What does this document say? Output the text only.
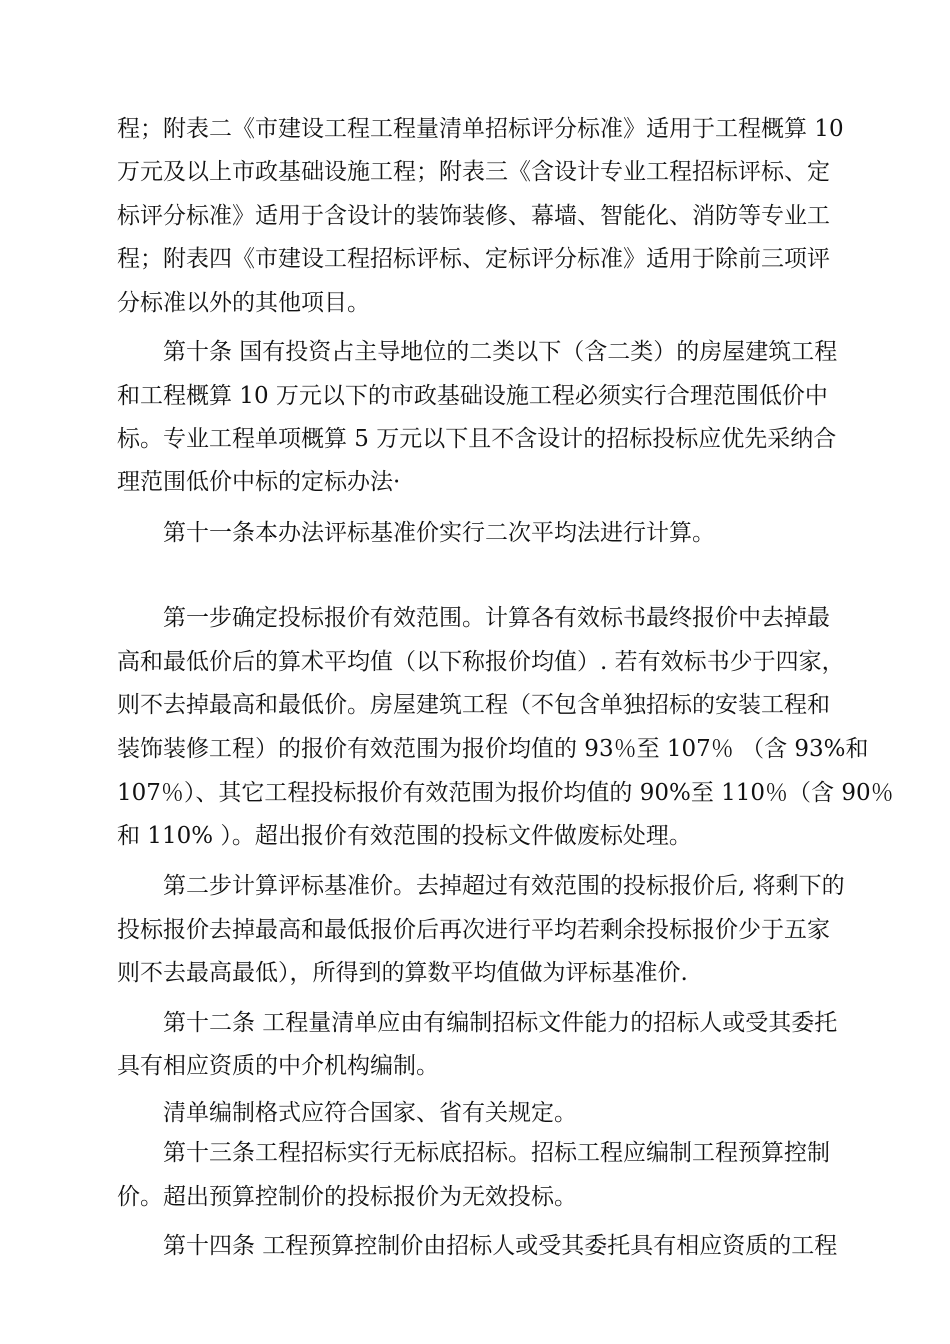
程；附表二《市建设工程工程量清单招标评分标准》适用于工程概算 10
万元及以上市政基础设施工程；附表三《含设计专业工程招标评标、定
标评分标准》适用于含设计的装饰装修、幕墙、智能化、消防等专业工
程；附表四《市建设工程招标评标、定标评分标准》适用于除前三项评
分标准以外的其他项目。
第十条 国有投资占主导地位的二类以下（含二类）的房屋建筑工程
和工程概算 10 万元以下的市政基础设施工程必须实行合理范围低价中
标。专业工程单项概算 5 万元以下且不含设计的招标投标应优先采纳合
理范围低价中标的定标办法·
第十一条本办法评标基准价实行二次平均法进行计算。
第一步确定投标报价有效范围。计算各有效标书最终报价中去掉最
高和最低价后的算术平均值（以下称报价均值）. 若有效标书少于四家，
则不去掉最高和最低价。房屋建筑工程（不包含单独招标的安装工程和
装饰装修工程）的报价有效范围为报价均值的 93％至 107％ （含 93%和
107％）、其它工程投标报价有效范围为报价均值的 90%至 110％（含 90％
和 110% ）。超出报价有效范围的投标文件做废标处理。
第二步计算评标基准价。去掉超过有效范围的投标报价后, 将剩下的
投标报价去掉最高和最低报价后再次进行平均若剩余投标报价少于五家
则不去最高最低），所得到的算数平均值做为评标基准价.
第十二条 工程量清单应由有编制招标文件能力的招标人或受其委托
具有相应资质的中介机构编制。
清单编制格式应符合国家、省有关规定。
第十三条工程招标实行无标底招标。招标工程应编制工程预算控制
价。超出预算控制价的投标报价为无效投标。
第十四条 工程预算控制价由招标人或受其委托具有相应资质的工程
